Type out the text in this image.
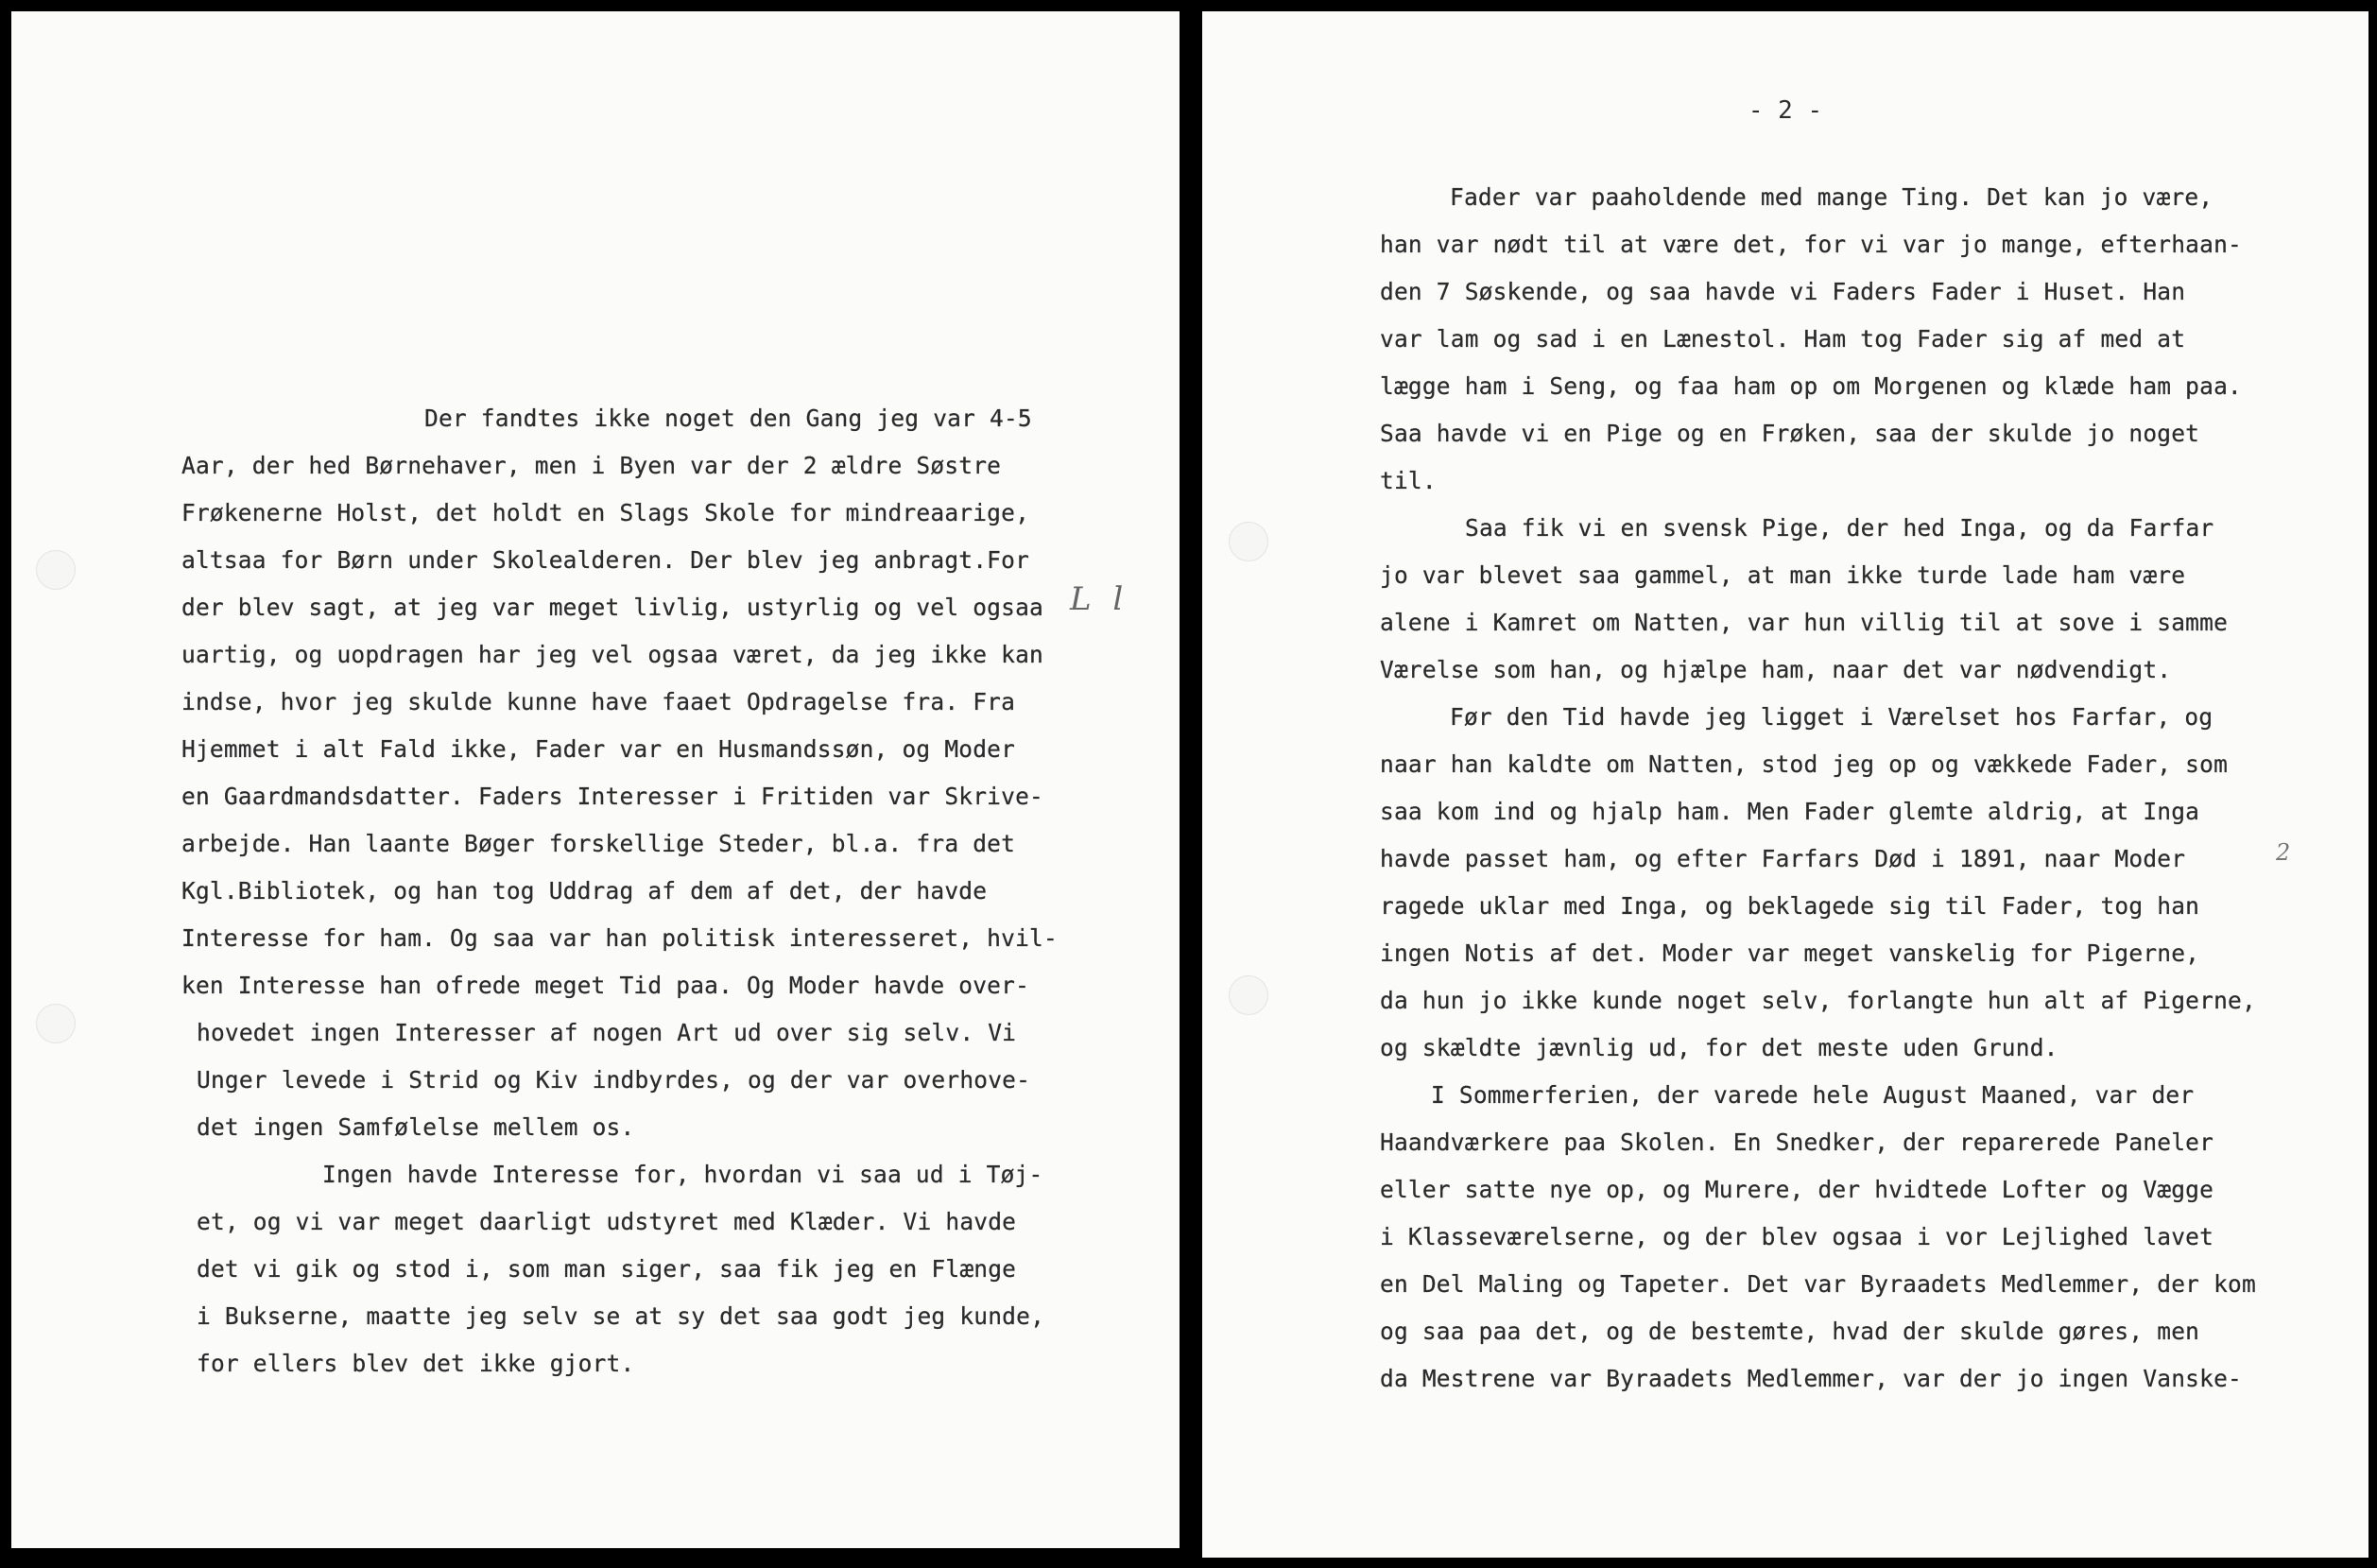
Der fandtes ikke noget den Gang jeg var 4-5
Aar, der hed Børnehaver, men i Byen var der 2 ældre Søstre
Frøkenerne Holst, det holdt en Slags Skole for mindreaarige,
altsaa for Børn under Skolealderen. Der blev jeg anbragt.For
der blev sagt, at jeg var meget livlig, ustyrlig og vel ogsaa
uartig, og uopdragen har jeg vel ogsaa været, da jeg ikke kan
indse, hvor jeg skulde kunne have faaet Opdragelse fra. Fra
Hjemmet i alt Fald ikke, Fader var en Husmandssøn, og Moder
en Gaardmandsdatter. Faders Interesser i Fritiden var Skrive-
arbejde. Han laante Bøger forskellige Steder, bl.a. fra det
Kgl.Bibliotek, og han tog Uddrag af dem af det, der havde
Interesse for ham. Og saa var han politisk interesseret, hvil-
ken Interesse han ofrede meget Tid paa. Og Moder havde over-
hovedet ingen Interesser af nogen Art ud over sig selv. Vi
Unger levede i Strid og Kiv indbyrdes, og der var overhove-
det ingen Samfølelse mellem os.
Ingen havde Interesse for, hvordan vi saa ud i Tøj-
et, og vi var meget daarligt udstyret med Klæder. Vi havde
det vi gik og stod i, som man siger, saa fik jeg en Flænge
i Bukserne, maatte jeg selv se at sy det saa godt jeg kunde,
for ellers blev det ikke gjort.
L l
- 2 -
Fader var paaholdende med mange Ting. Det kan jo være,
han var nødt til at være det, for vi var jo mange, efterhaan-
den 7 Søskende, og saa havde vi Faders Fader i Huset. Han
var lam og sad i en Lænestol. Ham tog Fader sig af med at
lægge ham i Seng, og faa ham op om Morgenen og klæde ham paa.
Saa havde vi en Pige og en Frøken, saa der skulde jo noget
til.
Saa fik vi en svensk Pige, der hed Inga, og da Farfar
jo var blevet saa gammel, at man ikke turde lade ham være
alene i Kamret om Natten, var hun villig til at sove i samme
Værelse som han, og hjælpe ham, naar det var nødvendigt.
Før den Tid havde jeg ligget i Værelset hos Farfar, og
naar han kaldte om Natten, stod jeg op og vækkede Fader, som
saa kom ind og hjalp ham. Men Fader glemte aldrig, at Inga
havde passet ham, og efter Farfars Død i 1891, naar Moder
ragede uklar med Inga, og beklagede sig til Fader, tog han
ingen Notis af det. Moder var meget vanskelig for Pigerne,
da hun jo ikke kunde noget selv, forlangte hun alt af Pigerne,
og skældte jævnlig ud, for det meste uden Grund.
I Sommerferien, der varede hele August Maaned, var der
Haandværkere paa Skolen. En Snedker, der reparerede Paneler
eller satte nye op, og Murere, der hvidtede Lofter og Vægge
i Klasseværelserne, og der blev ogsaa i vor Lejlighed lavet
en Del Maling og Tapeter. Det var Byraadets Medlemmer, der kom
og saa paa det, og de bestemte, hvad der skulde gøres, men
da Mestrene var Byraadets Medlemmer, var der jo ingen Vanske-
2
